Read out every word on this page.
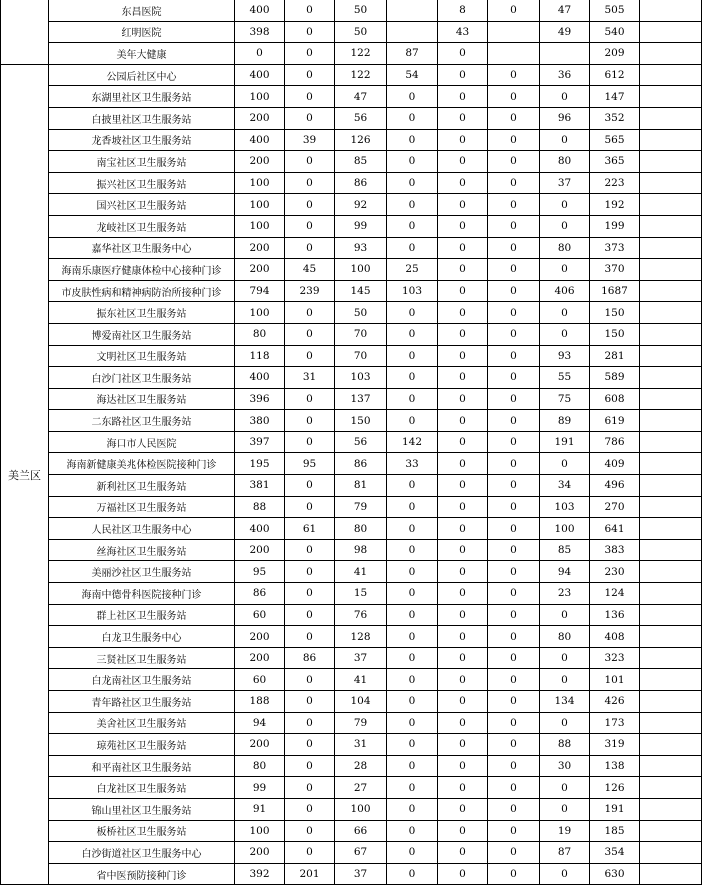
	东昌医院	400	0	50		8	0	47	505	
	红明医院	398	0	50		43		49	540	
	美年大健康	0	0	122	87	0			209	
美兰区	公园后社区中心	400	0	122	54	0	0	36	612	
	东湖里社区卫生服务站	100	0	47	0	0	0	0	147	
	白披里社区卫生服务站	200	0	56	0	0	0	96	352	
	龙香坡社区卫生服务站	400	39	126	0	0	0	0	565	
	南宝社区卫生服务站	200	0	85	0	0	0	80	365	
	振兴社区卫生服务站	100	0	86	0	0	0	37	223	
	国兴社区卫生服务站	100	0	92	0	0	0	0	192	
	龙岐社区卫生服务站	100	0	99	0	0	0	0	199	
	嘉华社区卫生服务中心	200	0	93	0	0	0	80	373	
	海南乐康医疗健康体检中心接种门诊	200	45	100	25	0	0	0	370	
	市皮肤性病和精神病防治所接种门诊	794	239	145	103	0	0	406	1687	
	振东社区卫生服务站	100	0	50	0	0	0	0	150	
	博爱南社区卫生服务站	80	0	70	0	0	0	0	150	
	文明社区卫生服务站	118	0	70	0	0	0	93	281	
	白沙门社区卫生服务站	400	31	103	0	0	0	55	589	
	海达社区卫生服务站	396	0	137	0	0	0	75	608	
	二东路社区卫生服务站	380	0	150	0	0	0	89	619	
	海口市人民医院	397	0	56	142	0	0	191	786	
	海南新健康美兆体检医院接种门诊	195	95	86	33	0	0	0	409	
	新利社区卫生服务站	381	0	81	0	0	0	34	496	
	万福社区卫生服务站	88	0	79	0	0	0	103	270	
	人民社区卫生服务中心	400	61	80	0	0	0	100	641	
	丝海社区卫生服务站	200	0	98	0	0	0	85	383	
	美丽沙社区卫生服务站	95	0	41	0	0	0	94	230	
	海南中德骨科医院接种门诊	86	0	15	0	0	0	23	124	
	群上社区卫生服务站	60	0	76	0	0	0	0	136	
	白龙卫生服务中心	200	0	128	0	0	0	80	408	
	三贤社区卫生服务站	200	86	37	0	0	0	0	323	
	白龙南社区卫生服务站	60	0	41	0	0	0	0	101	
	青年路社区卫生服务站	188	0	104	0	0	0	134	426	
	美舍社区卫生服务站	94	0	79	0	0	0	0	173	
	琼苑社区卫生服务站	200	0	31	0	0	0	88	319	
	和平南社区卫生服务站	80	0	28	0	0	0	30	138	
	白龙社区卫生服务站	99	0	27	0	0	0	0	126	
	锦山里社区卫生服务站	91	0	100	0	0	0	0	191	
	板桥社区卫生服务站	100	0	66	0	0	0	19	185	
	白沙街道社区卫生服务中心	200	0	67	0	0	0	87	354	
	省中医预防接种门诊	392	201	37	0	0	0	0	630	
